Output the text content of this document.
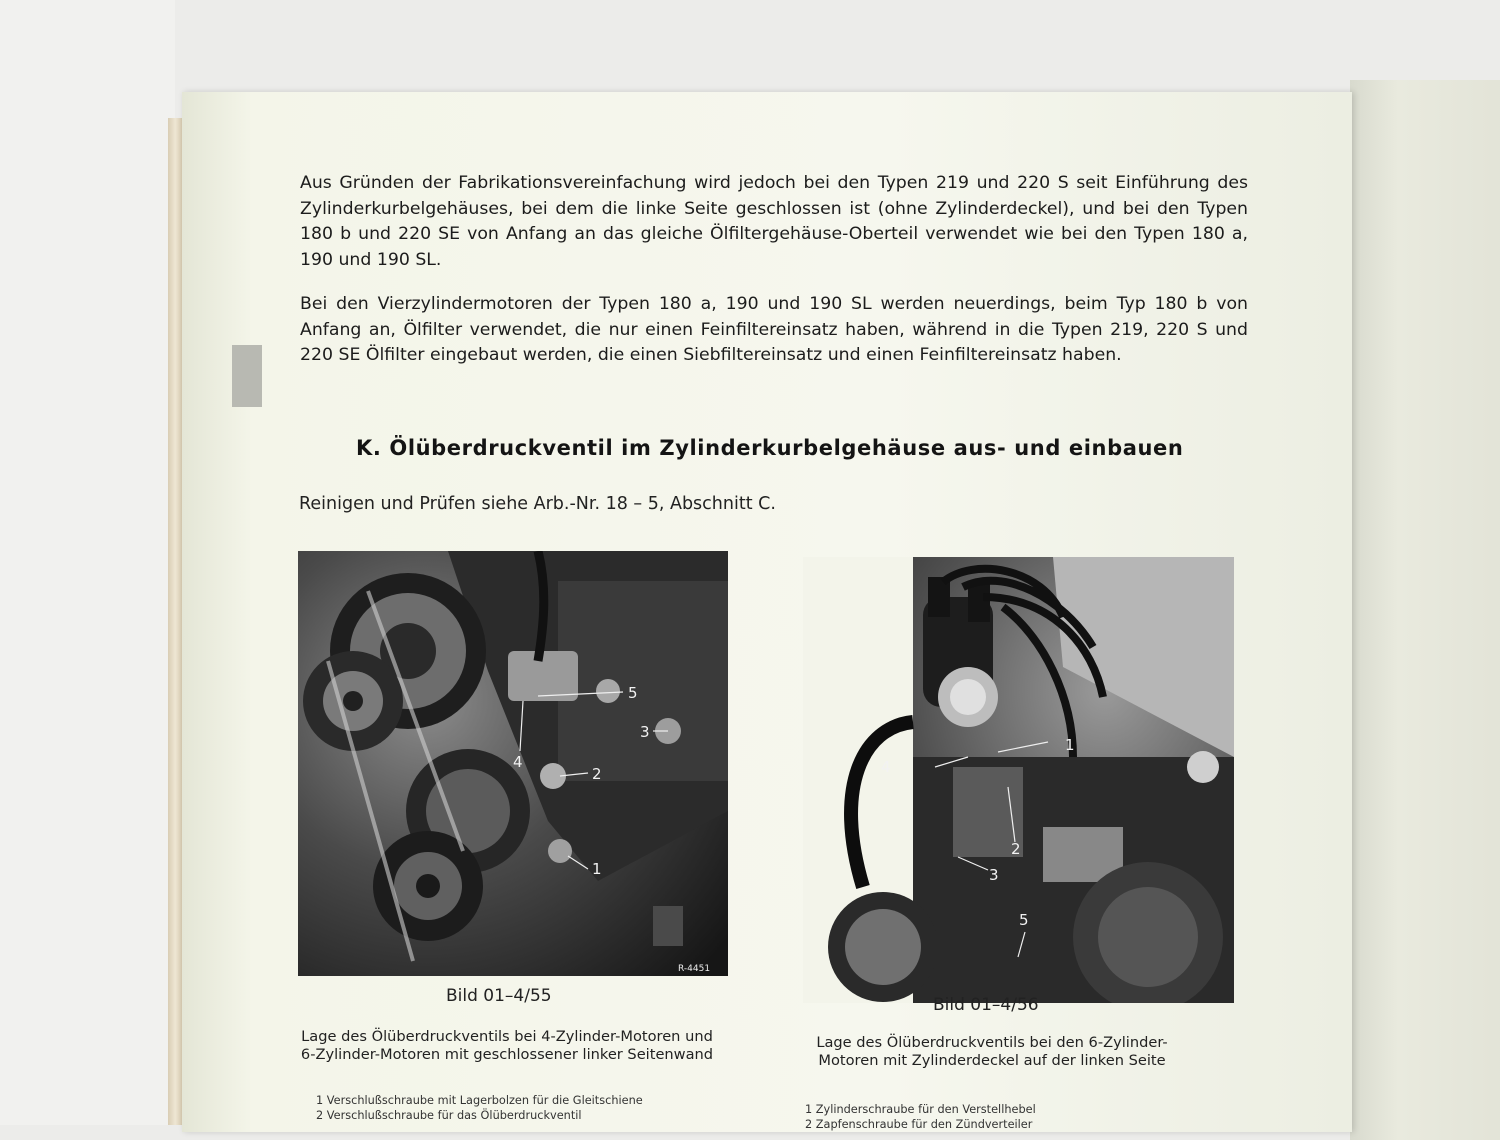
Aus Gründen der Fabrikationsvereinfachung wird jedoch bei den Typen 219 und 220 S seit Einführung des Zylinderkurbelgehäuses, bei dem die linke Seite geschlossen ist (ohne Zylinderdeckel), und bei den Typen 180 b und 220 SE von Anfang an das gleiche Ölfiltergehäuse-Oberteil verwendet wie bei den Typen 180 a, 190 und 190 SL.

Bei den Vierzylindermotoren der Typen 180 a, 190 und 190 SL werden neuerdings, beim Typ 180 b von Anfang an, Ölfilter verwendet, die nur einen Feinfiltereinsatz haben, während in die Typen 219, 220 S und 220 SE Ölfilter eingebaut werden, die einen Siebfiltereinsatz und einen Feinfiltereinsatz haben.

K. Ölüberdruckventil im Zylinderkurbelgehäuse aus- und einbauen
Reinigen und Prüfen siehe Arb.-Nr. 18 – 5, Abschnitt C.
5
3
2
4
1
R-4451
4
2
1
3
5
Bild 01–4/55	Bild 01–4/56

Lage des Ölüberdruckventils bei 4-Zylinder-Motoren und 6-Zylinder-Motoren mit geschlossener linker Seitenwand

Lage des Ölüberdruckventils bei den 6-Zylinder-Motoren mit Zylinderdeckel auf der linken Seite

1 Verschlußschraube mit Lagerbolzen für die Gleitschiene
2 Verschlußschraube für das Ölüberdruckventil	1 Zylinderschraube für den Verstellhebel
2 Zapfenschraube für den Zündverteiler
